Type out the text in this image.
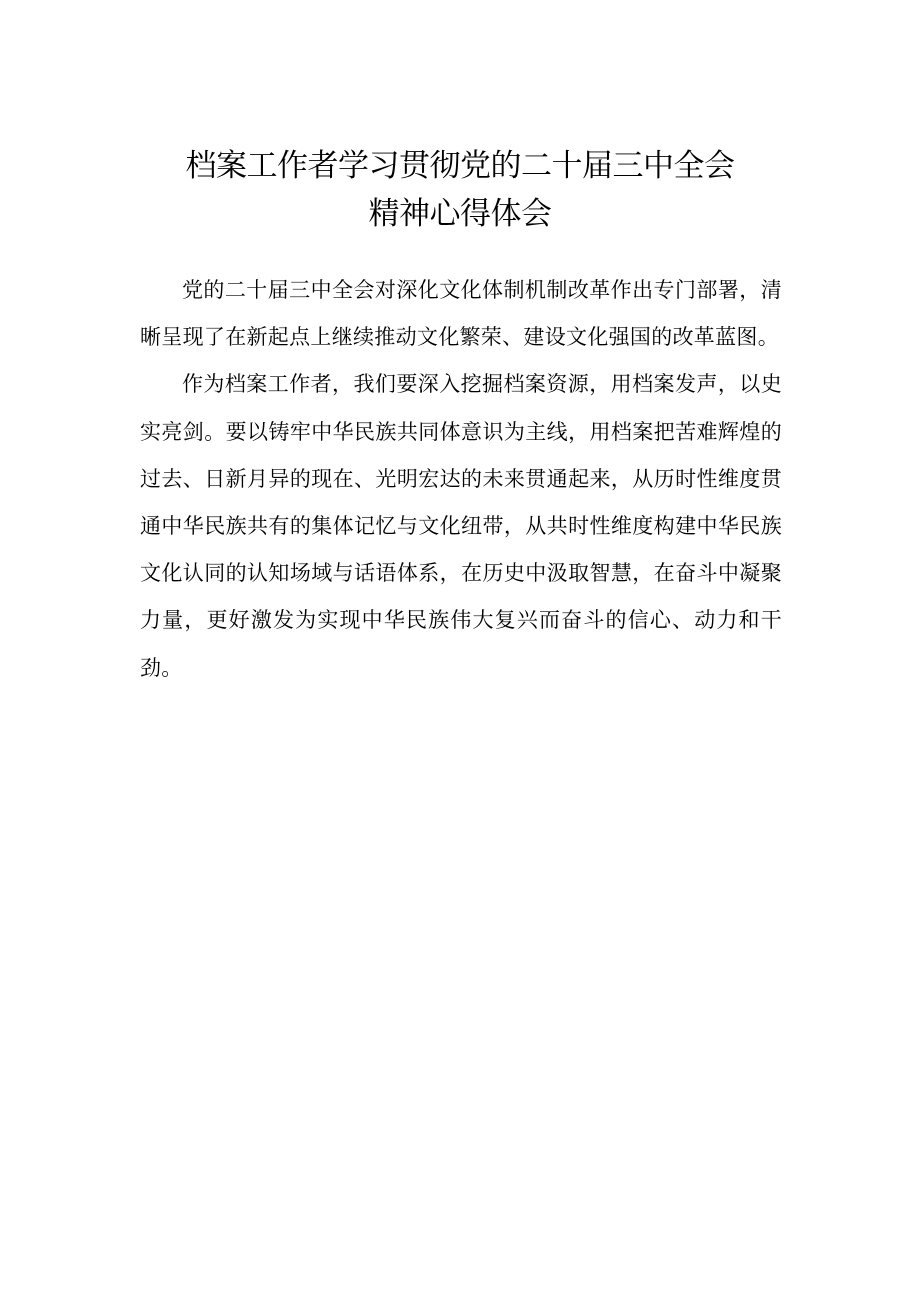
档案工作者学习贯彻党的二十届三中全会
精神心得体会

党的二十届三中全会对深化文化体制机制改革作出专门部署，清晰呈现了在新起点上继续推动文化繁荣、建设文化强国的改革蓝图。

作为档案工作者，我们要深入挖掘档案资源，用档案发声，以史实亮剑。要以铸牢中华民族共同体意识为主线，用档案把苦难辉煌的过去、日新月异的现在、光明宏达的未来贯通起来，从历时性维度贯通中华民族共有的集体记忆与文化纽带，从共时性维度构建中华民族文化认同的认知场域与话语体系，在历史中汲取智慧，在奋斗中凝聚力量，更好激发为实现中华民族伟大复兴而奋斗的信心、动力和干劲。
